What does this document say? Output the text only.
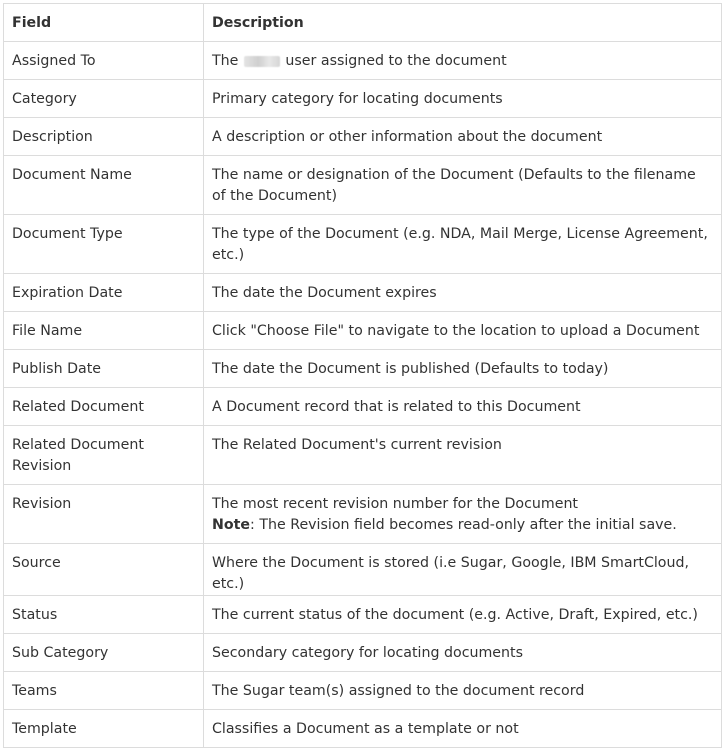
Field	Description
Assigned To	The user assigned to the document
Category	Primary category for locating documents
Description	A description or other information about the document
Document Name	The name or designation of the Document (Defaults to the filename of the Document)
Document Type	The type of the Document (e.g. NDA, Mail Merge, License Agreement, etc.)
Expiration Date	The date the Document expires
File Name	Click "Choose File" to navigate to the location to upload a Document
Publish Date	The date the Document is published (Defaults to today)
Related Document	A Document record that is related to this Document
Related Document Revision	The Related Document's current revision
Revision	The most recent revision number for the Document
Note: The Revision field becomes read-only after the initial save.

Source	Where the Document is stored (i.e Sugar, Google, IBM SmartCloud, etc.)
Status	The current status of the document (e.g. Active, Draft, Expired, etc.)
Sub Category	Secondary category for locating documents
Teams	The Sugar team(s) assigned to the document record
Template	Classifies a Document as a template or not
